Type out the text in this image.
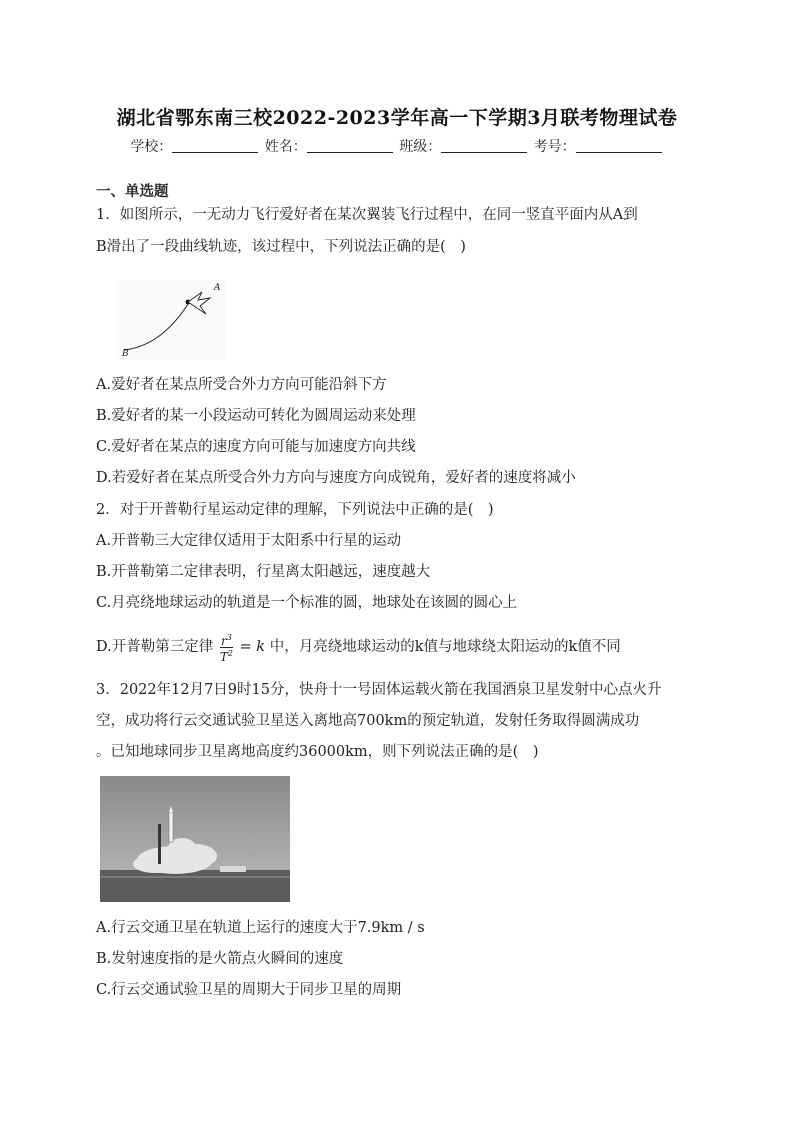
湖北省鄂东南三校2022-2023学年高一下学期3月联考物理试卷
学校：	姓名：	班级：	考号：
一、单选题
1．如图所示，一无动力飞行爱好者在某次翼装飞行过程中，在同一竖直平面内从A到
B滑出了一段曲线轨迹，该过程中，下列说法正确的是(　)
A
B
A.爱好者在某点所受合外力方向可能沿斜下方
B.爱好者的某一小段运动可转化为圆周运动来处理
C.爱好者在某点的速度方向可能与加速度方向共线
D.若爱好者在某点所受合外力方向与速度方向成锐角，爱好者的速度将减小
2．对于开普勒行星运动定律的理解，下列说法中正确的是(　)
A.开普勒三大定律仅适用于太阳系中行星的运动
B.开普勒第二定律表明，行星离太阳越远，速度越大
C.月亮绕地球运动的轨道是一个标准的圆，地球处在该圆的圆心上
D.开普勒第三定律 $\frac{r^3}{T^2} = k$ 中，月亮绕地球运动的k值与地球绕太阳运动的k值不同
3．2022年12月7日9时15分，快舟十一号固体运载火箭在我国酒泉卫星发射中心点火升
空，成功将行云交通试验卫星送入离地高700km的预定轨道，发射任务取得圆满成功
。已知地球同步卫星离地高度约36000km，则下列说法正确的是(　)
A.行云交通卫星在轨道上运行的速度大于7.9km / s
B.发射速度指的是火箭点火瞬间的速度
C.行云交通试验卫星的周期大于同步卫星的周期
